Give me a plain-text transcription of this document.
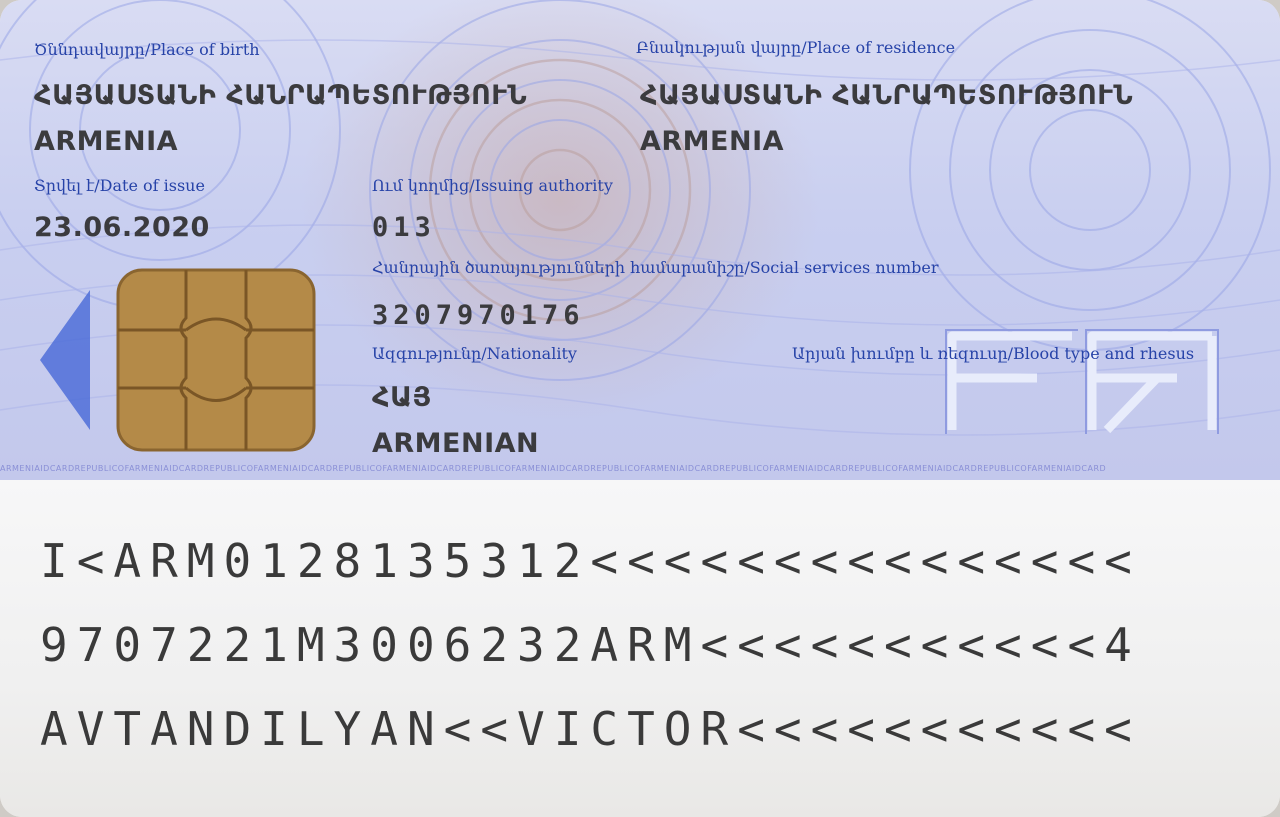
Ծննդավայրը/Place of birth
ՀԱՅԱՍՏԱՆԻ ՀԱՆՐԱՊԵՏՈՒԹՅՈՒՆ
ARMENIA
Բնակության վայրը/Place of residence
ՀԱՅԱՍՏԱՆԻ ՀԱՆՐԱՊԵՏՈՒԹՅՈՒՆ
ARMENIA
Տրվել է/Date of issue
23.06.2020
Ում կողմից/Issuing authority
013
Հանրային ծառայությունների համարանիշը/Social services number
3207970176
Ազգությունը/Nationality
ՀԱՅ
ARMENIAN
Արյան խումբը և ռեզուսը/Blood type and rhesus
ARMENIAIDCARDREPUBLICOFARMENIAIDCARDREPUBLICOFARMENIAIDCARDREPUBLICOFARMENIAIDCARDREPUBLICOFARMENIAIDCARDREPUBLICOFARMENIAIDCARDREPUBLICOFARMENIAIDCARDREPUBLICOFARMENIAIDCARDREPUBLICOFARMENIAIDCARD
I<ARM0128135312<<<<<<<<<<<<<<<
9707221M3006232ARM<<<<<<<<<<<4
AVTANDILYAN<<VICTOR<<<<<<<<<<<
